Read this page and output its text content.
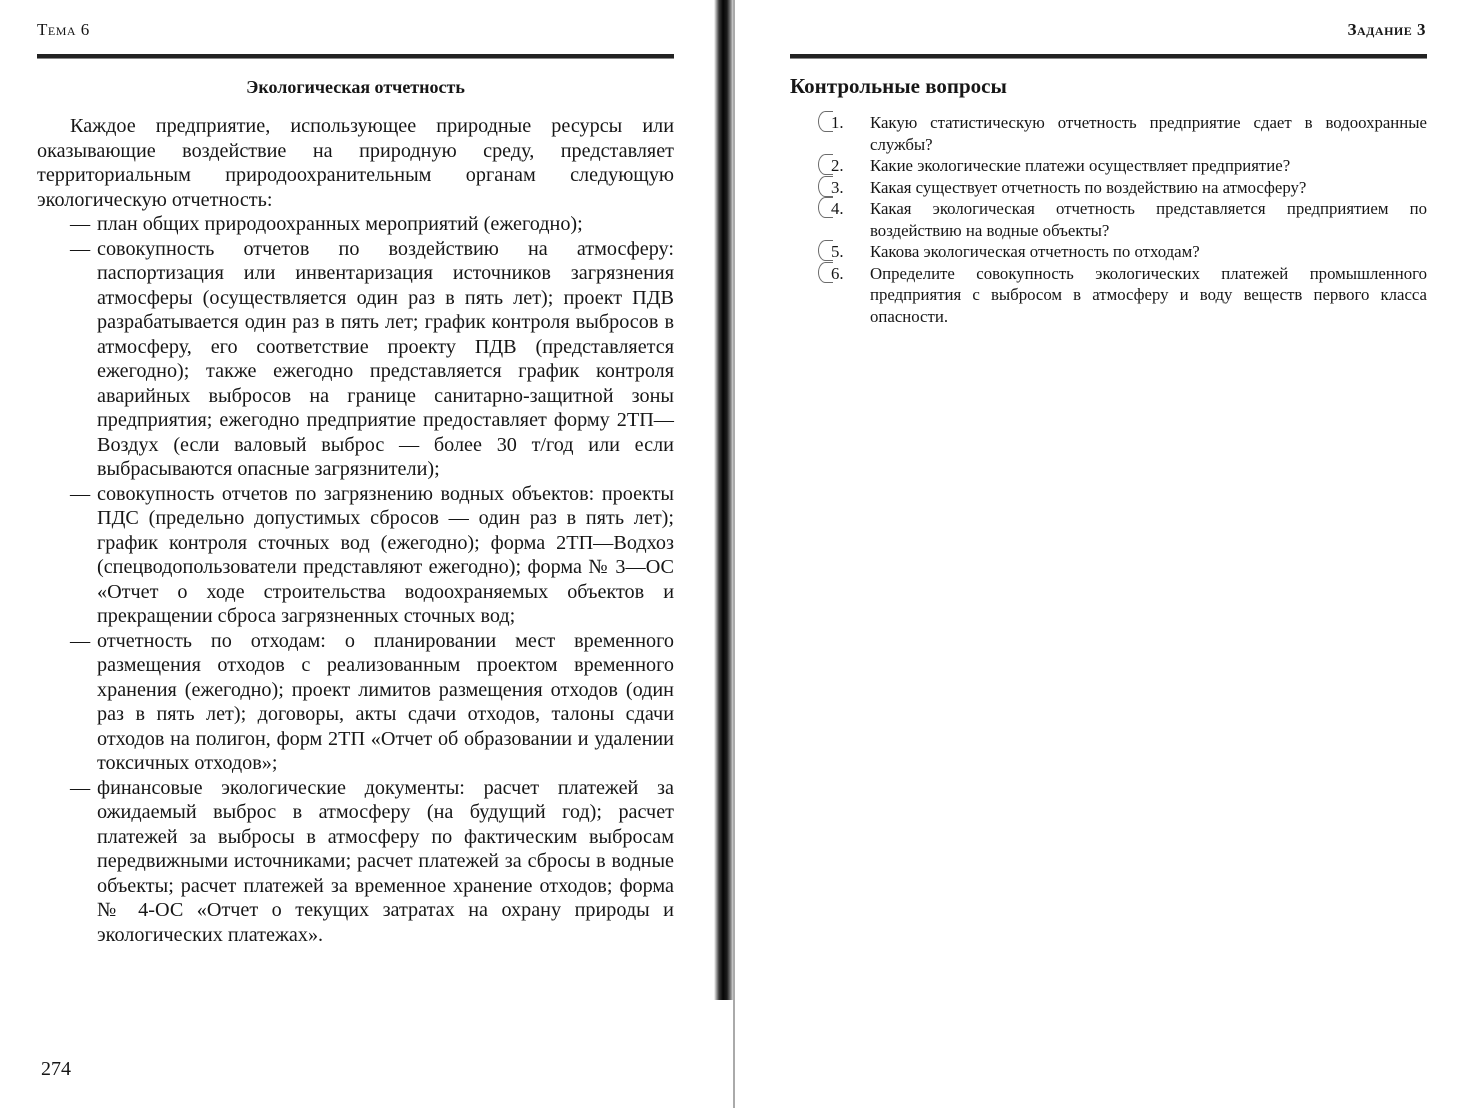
Тема 6
Экологическая отчетность

Каждое предприятие, использующее природные ресурсы или оказывающие воздействие на природную среду, представляет территориальным природоохранительным органам следующую экологическую отчетность:

— план общих природоохранных мероприятий (ежегодно);
— совокупность отчетов по воздействию на атмосферу: паспортизация или инвентаризация источников загрязнения атмосферы (осуществляется один раз в пять лет); проект ПДВ разрабатывается один раз в пять лет; график контроля выбросов в атмосферу, его соответствие проекту ПДВ (представляется ежегодно); также ежегодно представляется график контроля аварийных выбросов на границе санитарно-защитной зоны предприятия; ежегодно предприятие предоставляет форму 2ТП—Воздух (если валовый выброс — более 30 т/год или если выбрасываются опасные загрязнители);
— совокупность отчетов по загрязнению водных объектов: проекты ПДС (предельно допустимых сбросов — один раз в пять лет); график контроля сточных вод (ежегодно); форма 2ТП—Водхоз (спецводопользователи представляют ежегодно); форма № 3—ОС «Отчет о ходе строительства водоохраняемых объектов и прекращении сброса загрязненных сточных вод;
— отчетность по отходам: о планировании мест временного размещения отходов с реализованным проектом временного хранения (ежегодно); проект лимитов размещения отходов (один раз в пять лет); договоры, акты сдачи отходов, талоны сдачи отходов на полигон, форм 2ТП «Отчет об образовании и удалении токсичных отходов»;
— финансовые экологические документы: расчет платежей за ожидаемый выброс в атмосферу (на будущий год); расчет платежей за выбросы в атмосферу по фактическим выбросам передвижными источниками; расчет платежей за сбросы в водные объекты; расчет платежей за временное хранение отходов; форма № 4-ОС «Отчет о текущих затратах на охрану природы и экологических платежах».
274
Задание 3
Контрольные вопросы
1. Какую статистическую отчетность предприятие сдает в водоохранные службы?
2. Какие экологические платежи осуществляет предприятие?
3. Какая существует отчетность по воздействию на атмосферу?
4. Какая экологическая отчетность представляется предприятием по воздействию на водные объекты?
5. Какова экологическая отчетность по отходам?
6. Определите совокупность экологических платежей промышленного предприятия с выбросом в атмосферу и воду веществ первого класса опасности.
